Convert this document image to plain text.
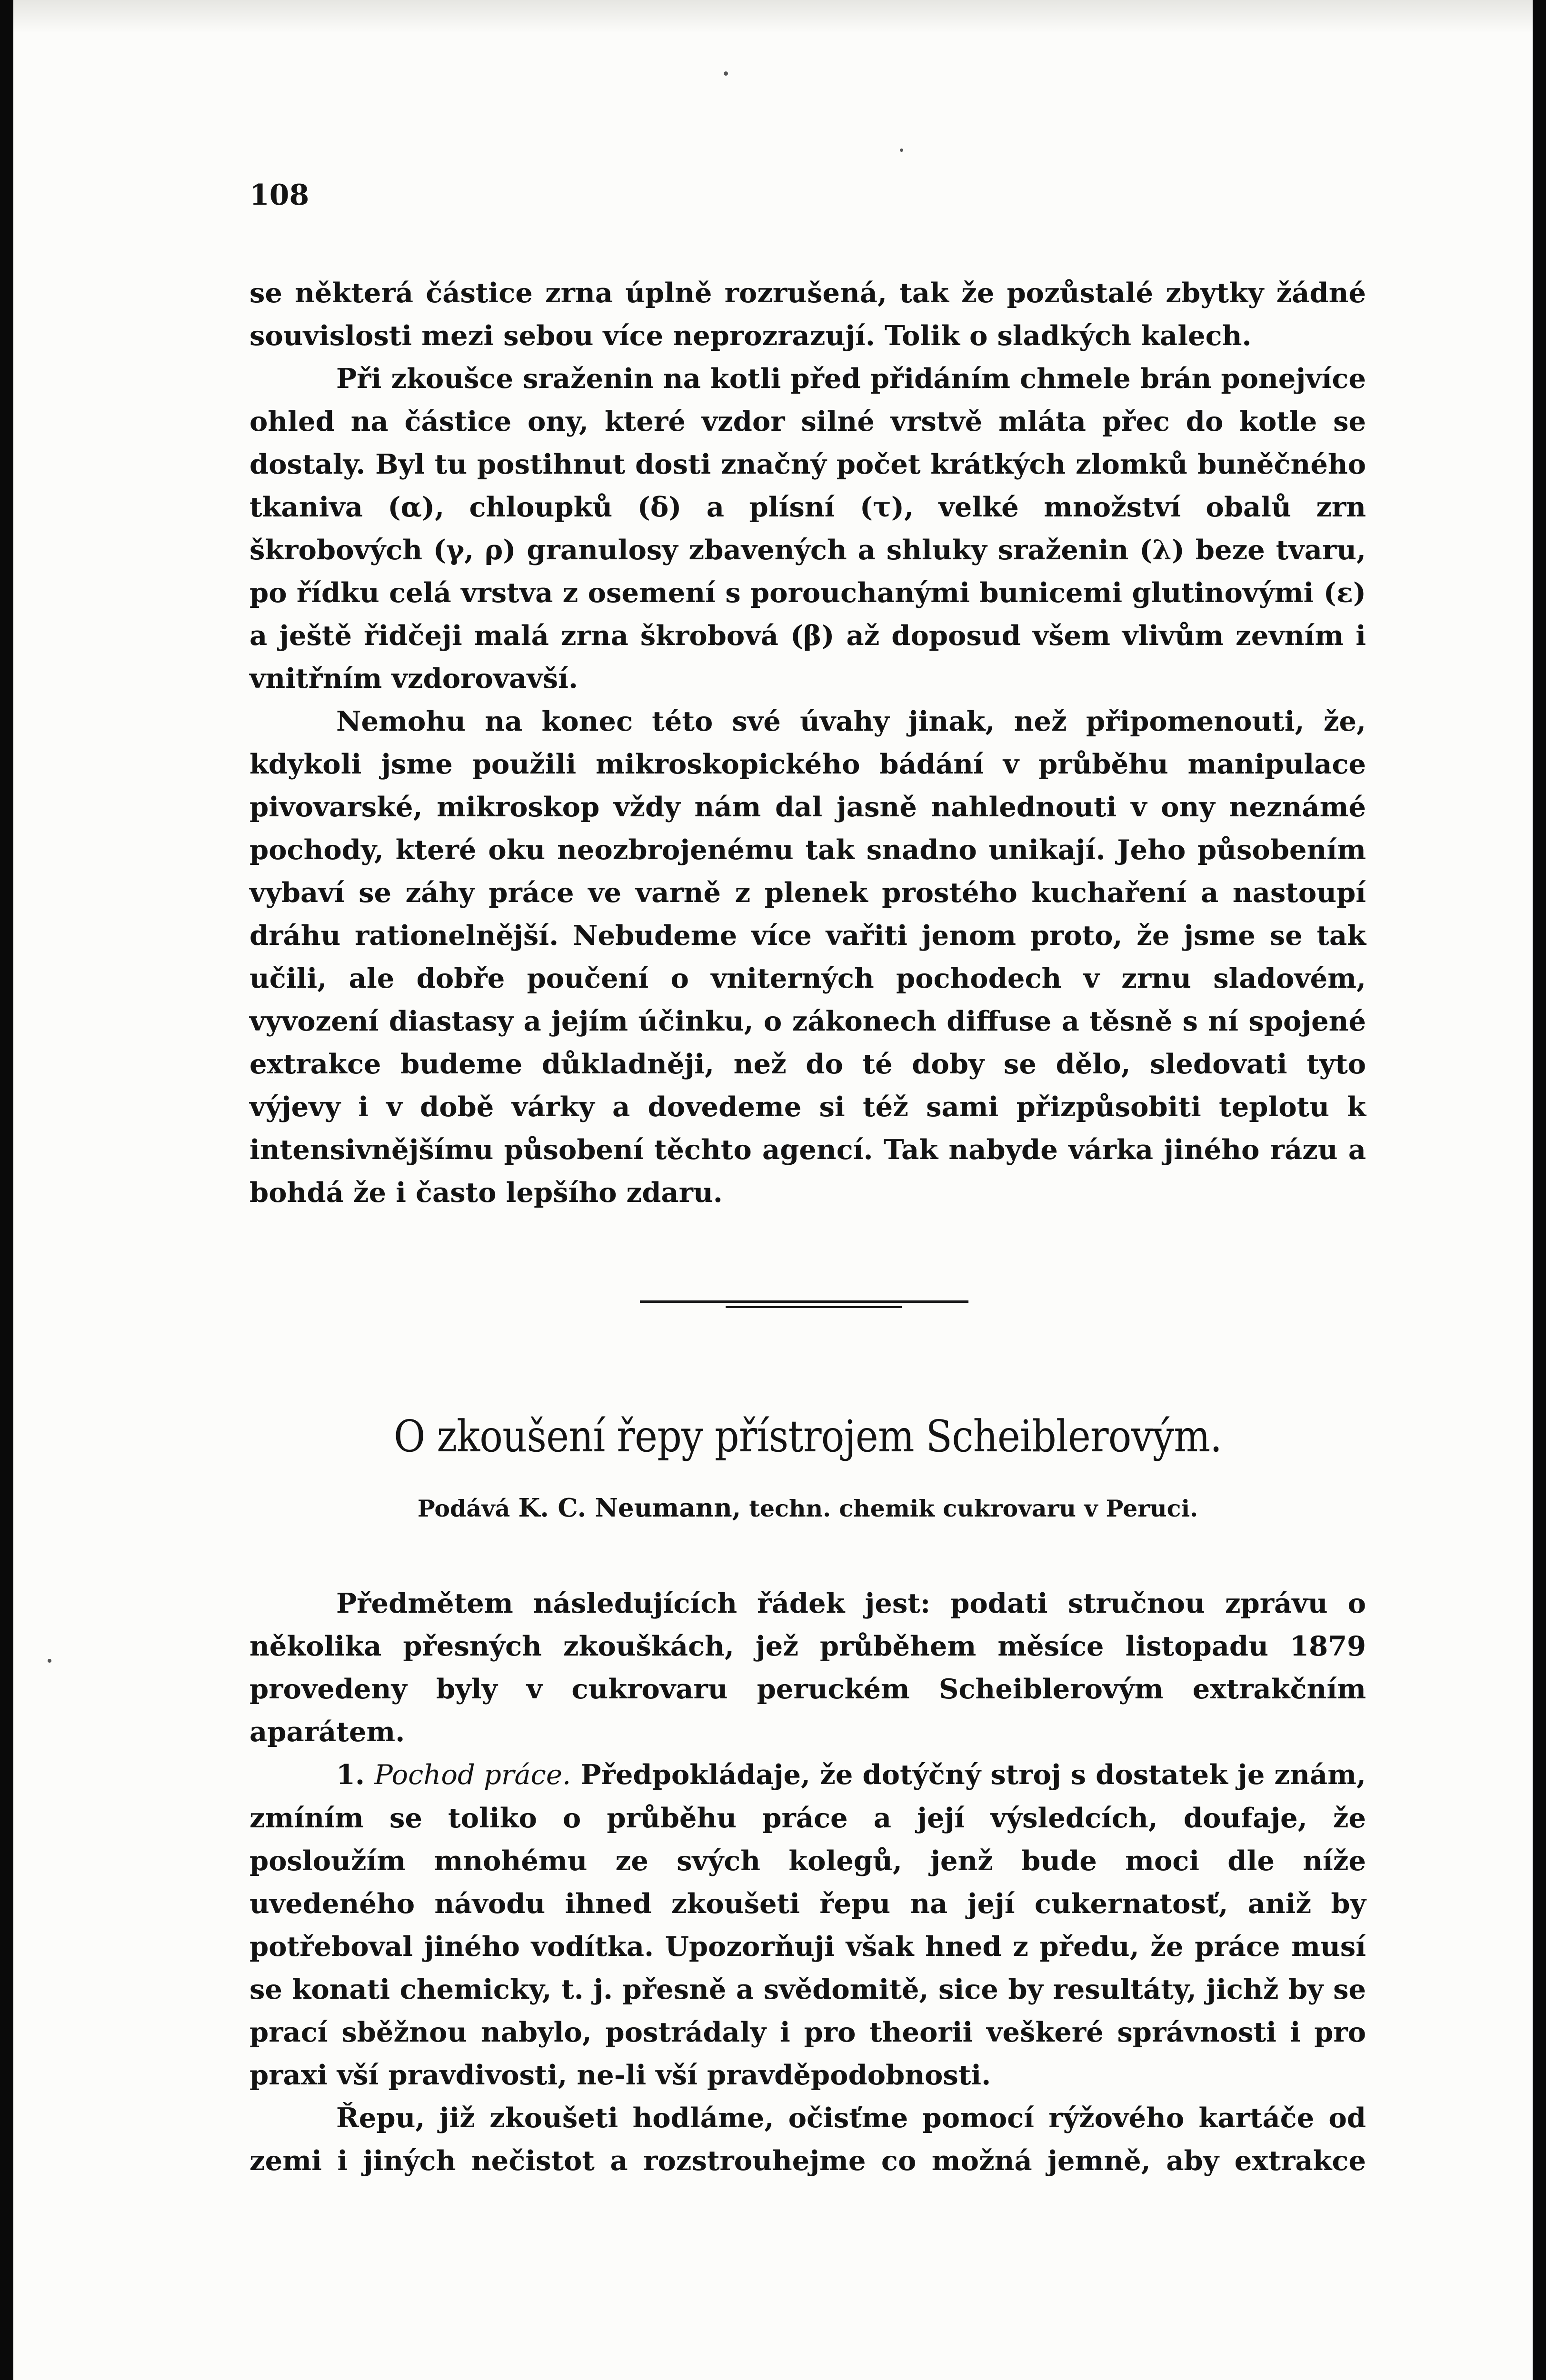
108

se některá částice zrna úplně rozrušená, tak že pozůstalé zbytky žádné souvislosti mezi sebou více neprozrazují. Tolik o sladkých kalech.

Při zkoušce sraženin na kotli před přidáním chmele brán ponejvíce ohled na částice ony, které vzdor silné vrstvě mláta přec do kotle se dostaly. Byl tu postihnut dosti značný počet krátkých zlomků buněčného tkaniva (α), chloupků (δ) a plísní (τ), velké množství obalů zrn škrobových (γ, ρ) granulosy zbavených a shluky sraženin (λ) beze tvaru, po řídku celá vrstva z osemení s porouchanými bunicemi glutinovými (ε) a ještě řidčeji malá zrna škrobová (β) až doposud všem vlivům zevním i vnitřním vzdorovavší.

Nemohu na konec této své úvahy jinak, než připomenouti, že, kdykoli jsme použili mikroskopického bádání v průběhu manipulace pivovarské, mikroskop vždy nám dal jasně nahlednouti v ony neznámé pochody, které oku neozbrojenému tak snadno unikají. Jeho působením vybaví se záhy práce ve varně z plenek prostého kuchaření a nastoupí dráhu rationelnější. Nebudeme více vařiti jenom proto, že jsme se tak učili, ale dobře poučení o vniterných pochodech v zrnu sladovém, vyvození diastasy a jejím účinku, o zákonech diffuse a těsně s ní spojené extrakce budeme důkladněji, než do té doby se dělo, sledovati tyto výjevy i v době várky a dovedeme si též sami přizpůsobiti teplotu k intensivnějšímu působení těchto agencí. Tak nabyde várka jiného rázu a bohdá že i často lepšího zdaru.

O zkoušení řepy přístrojem Scheiblerovým.
Podává K. C. Neumann, techn. chemik cukrovaru v Peruci.

Předmětem následujících řádek jest: podati stručnou zprávu o několika přesných zkouškách, jež průběhem měsíce listopadu 1879 provedeny byly v cukrovaru peruckém Scheiblerovým extrakčním aparátem.

1. Pochod práce. Předpokládaje, že dotýčný stroj s dostatek je znám, zmíním se toliko o průběhu práce a její výsledcích, doufaje, že posloužím mnohému ze svých kolegů, jenž bude moci dle níže uvedeného návodu ihned zkoušeti řepu na její cukernatosť, aniž by potřeboval jiného vodítka. Upozorňuji však hned z předu, že práce musí se konati chemicky, t. j. přesně a svědomitě, sice by resultáty, jichž by se prací sběžnou nabylo, postrádaly i pro theorii veškeré správnosti i pro praxi vší pravdivosti, ne-li vší pravděpodobnosti.

Řepu, již zkoušeti hodláme, očisťme pomocí rýžového kartáče od zemi i jiných nečistot a rozstrouhejme co možná jemně, aby extrakce
